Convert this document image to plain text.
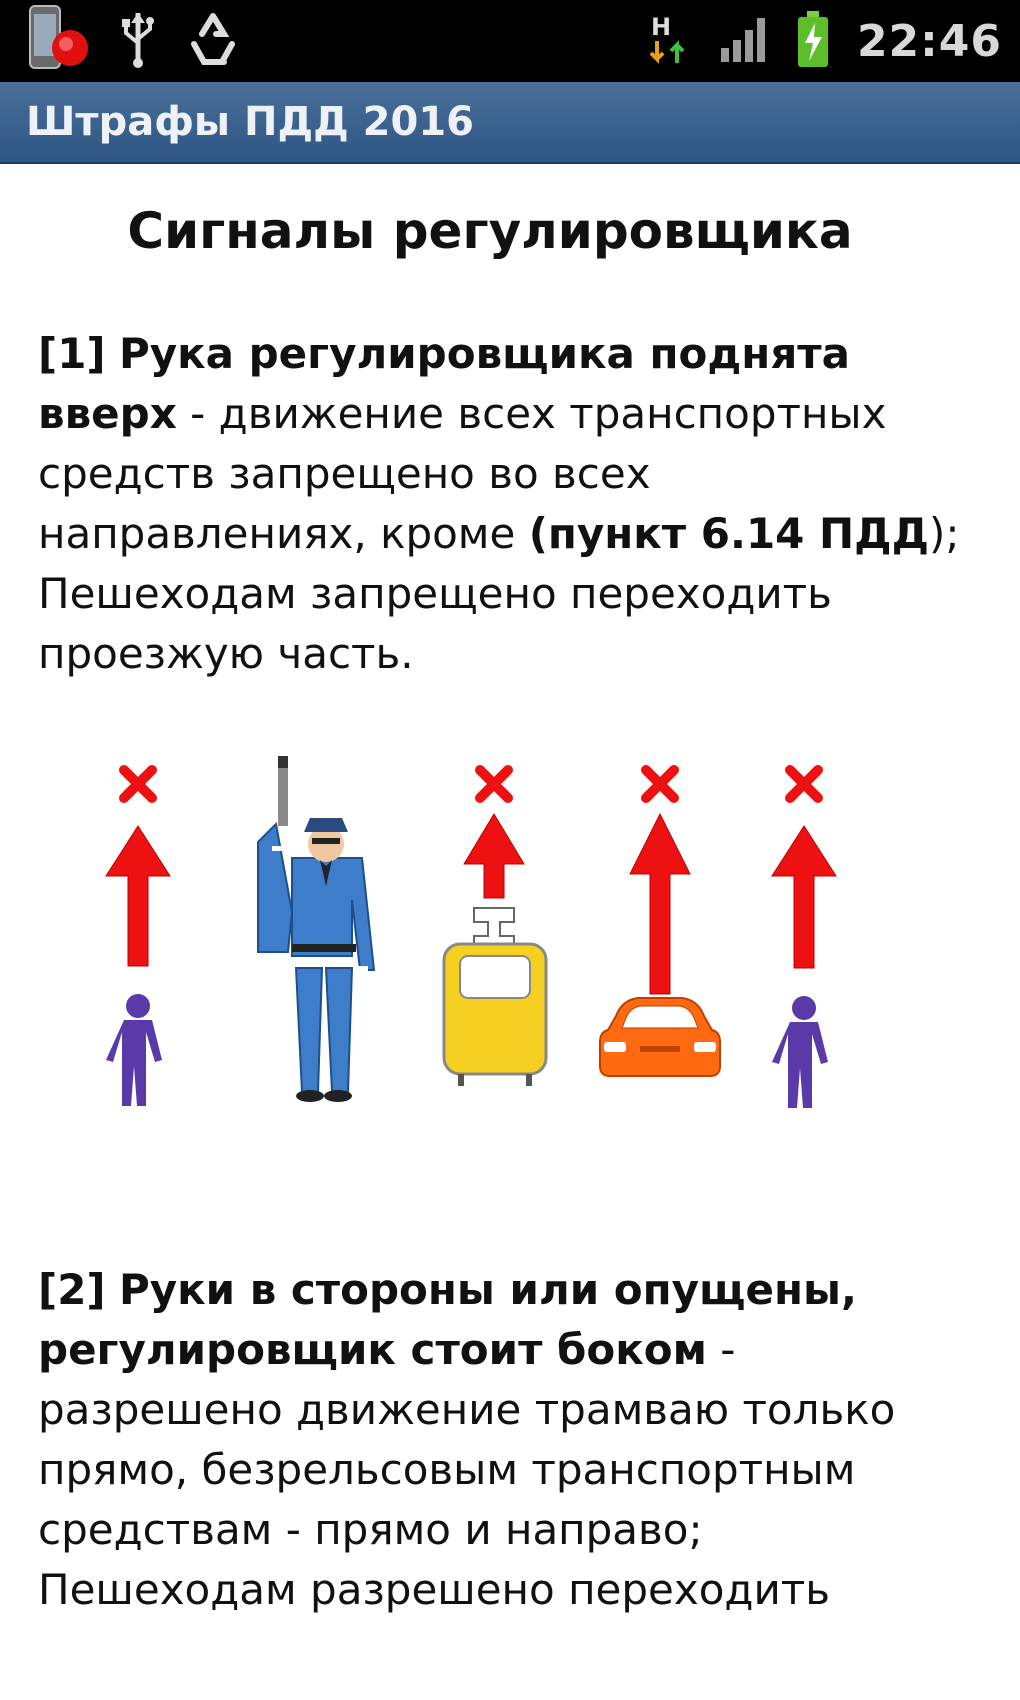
H	22:46
Штрафы ПДД 2016
Сигналы регулировщика

[1] Рука регулировщика поднята вверх - движение всех транспортных средств запрещено во всех направлениях, кроме (пункт 6.14 ПДД);
Пешеходам запрещено переходить проезжую часть.

[2] Руки в стороны или опущены, регулировщик стоит боком -
разрешено движение трамваю только прямо, безрельсовым транспортным средствам - прямо и направо;
Пешеходам разрешено переходить
